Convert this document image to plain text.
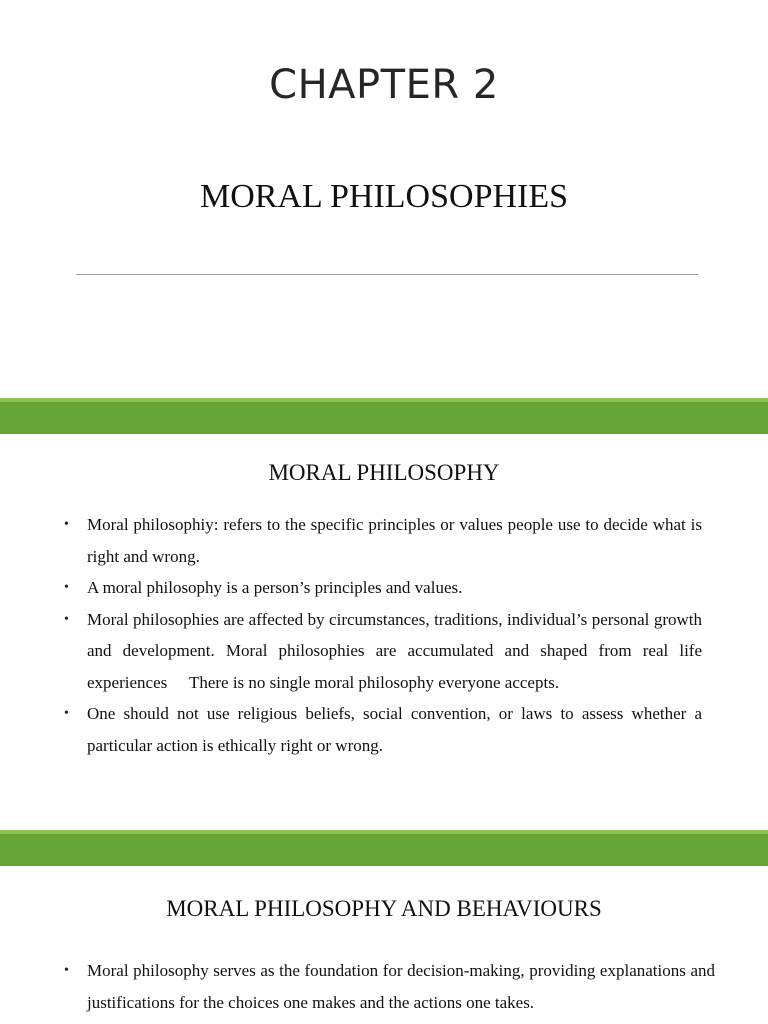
CHAPTER 2
MORAL PHILOSOPHIES
MORAL PHILOSOPHY
• Moral philosophiy: refers to the specific principles or values people use to decide what is right and wrong.
• A moral philosophy is a person’s principles and values.
• Moral philosophies are affected by circumstances, traditions, individual’s personal growth and development. Moral philosophies are accumulated and shaped from real life experiences There is no single moral philosophy everyone accepts.
• One should not use religious beliefs, social convention, or laws to assess whether a particular action is ethically right or wrong.
MORAL PHILOSOPHY AND BEHAVIOURS
• Moral philosophy serves as the foundation for decision-making, providing explanations and justifications for the choices one makes and the actions one takes.
